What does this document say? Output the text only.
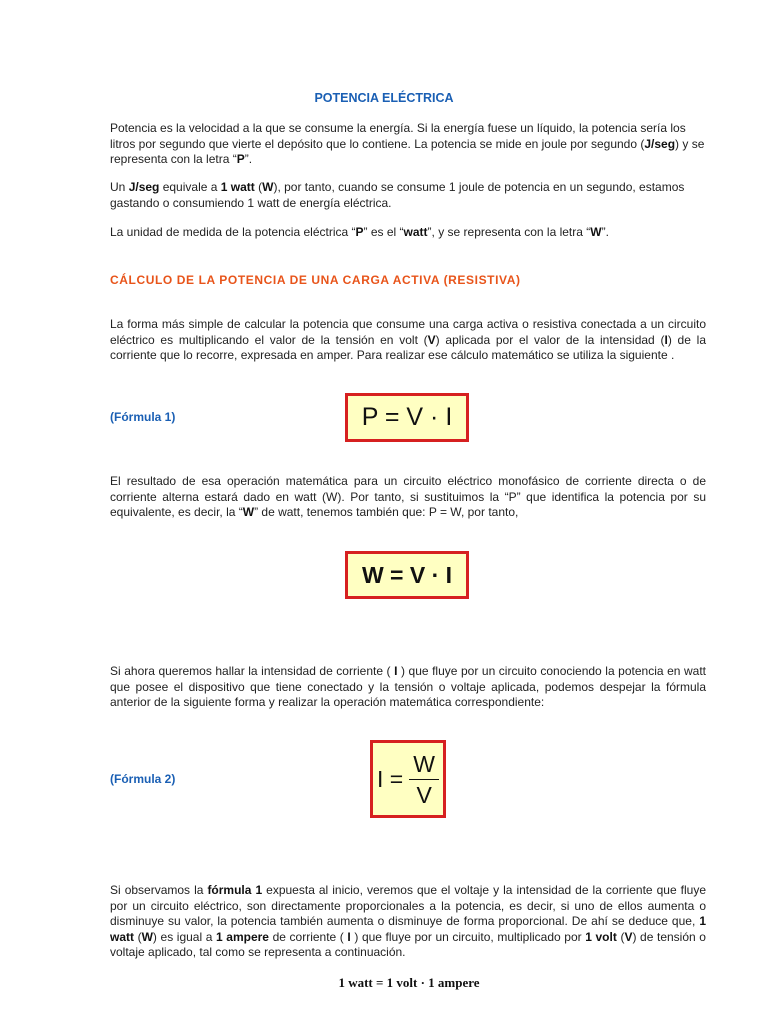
POTENCIA ELÉCTRICA

Potencia es la velocidad a la que se consume la energía. Si la energía fuese un líquido, la potencia sería los litros por segundo que vierte el depósito que lo contiene. La potencia se mide en joule por segundo (J/seg) y se representa con la letra “P”.

Un J/seg equivale a 1 watt (W), por tanto, cuando se consume 1 joule de potencia en un segundo, estamos gastando o consumiendo 1 watt de energía eléctrica.

La unidad de medida de la potencia eléctrica “P” es el “watt”, y se representa con la letra “W”.

CÁLCULO DE LA POTENCIA DE UNA CARGA ACTIVA (RESISTIVA)

La forma más simple de calcular la potencia que consume una carga activa o resistiva conectada a un circuito eléctrico es multiplicando el valor de la tensión en volt (V) aplicada por el valor de la intensidad (I) de la corriente que lo recorre, expresada en amper. Para realizar ese cálculo matemático se utiliza la siguiente .

(Fórmula 1)	P = V · I

El resultado de esa operación matemática para un circuito eléctrico monofásico de corriente directa o de corriente alterna estará dado en watt (W). Por tanto, si sustituimos la “P” que identifica la potencia por su equivalente, es decir, la “W” de watt, tenemos también que: P = W, por tanto,

W = V · I

Si ahora queremos hallar la intensidad de corriente ( I ) que fluye por un circuito conociendo la potencia en watt que posee el dispositivo que tiene conectado y la tensión o voltaje aplicada, podemos despejar la fórmula anterior de la siguiente forma y realizar la operación matemática correspondiente:

(Fórmula 2)	$I = \frac{W}{V}$

Si observamos la fórmula 1 expuesta al inicio, veremos que el voltaje y la intensidad de la corriente que fluye por un circuito eléctrico, son directamente proporcionales a la potencia, es decir, si uno de ellos aumenta o disminuye su valor, la potencia también aumenta o disminuye de forma proporcional. De ahí se deduce que, 1 watt (W) es igual a 1 ampere de corriente ( I ) que fluye por un circuito, multiplicado por 1 volt (V) de tensión o voltaje aplicado, tal como se representa a continuación.

1 watt = 1 volt · 1 ampere
